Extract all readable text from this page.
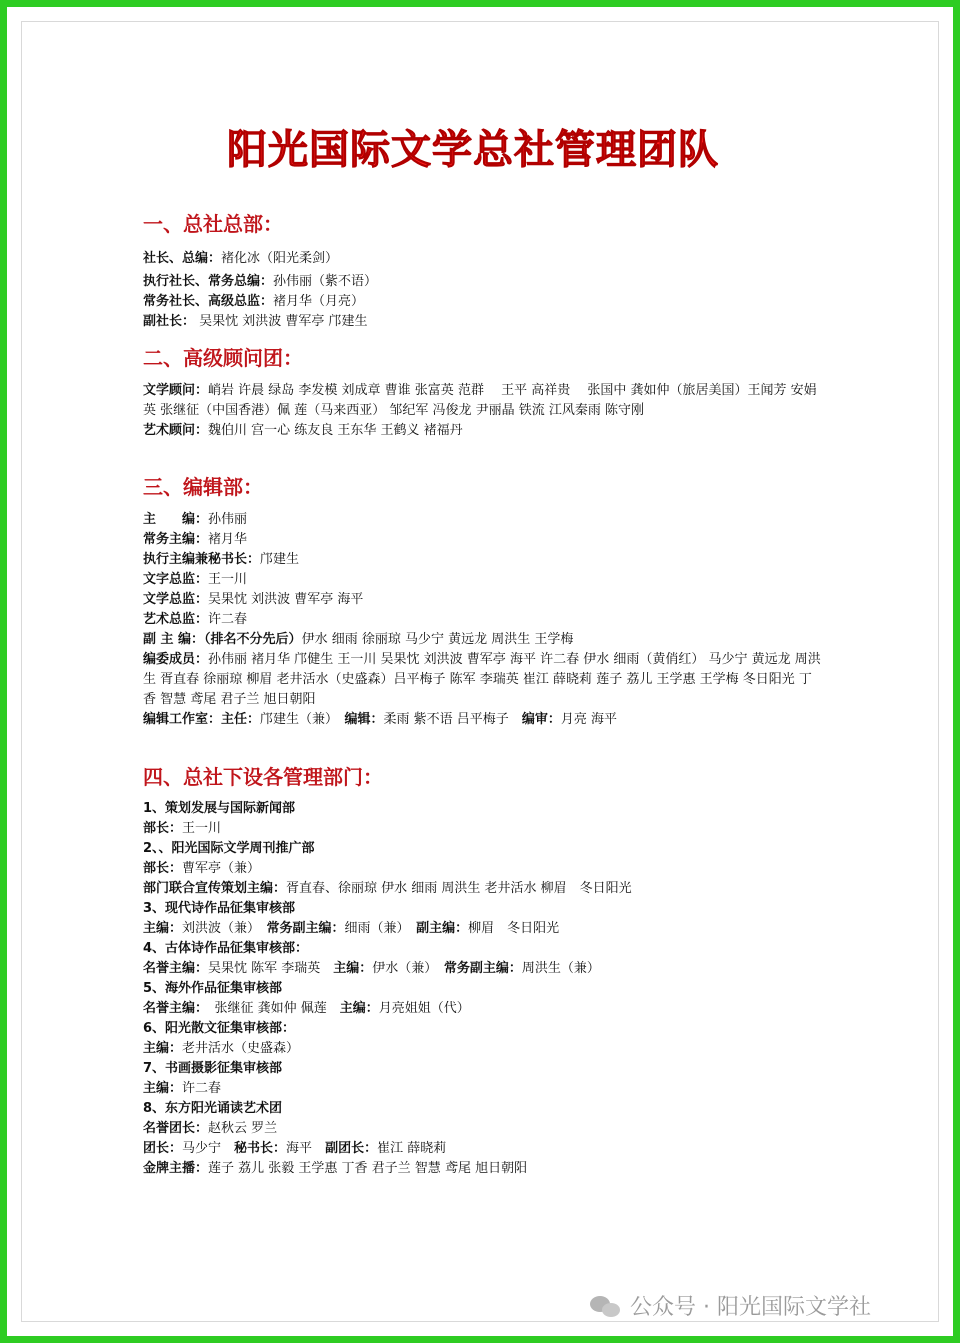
阳光国际文学总社管理团队
一、总社总部：
社长、总编：褚化冰（阳光柔剑）
执行社长、常务总编：孙伟丽（紫不语）
常务社长、高级总监：褚月华（月亮）
副社长： 吴果忱 刘洪波 曹军亭 邝建生
二、高级顾问团：
文学顾问：峭岩 许晨 绿岛 李发模 刘成章 曹谁 张富英 范群　 王平 高祥贵　 张国中 龚如仲（旅居美国）王闻芳 安娟英 张继征（中国香港）佩 莲（马来西亚） 邹纪军 冯俊龙 尹丽晶 铁流 江风秦雨 陈守刚
艺术顾问：魏伯川 宫一心 练友良 王东华 王鹤义 褚福丹
三、编辑部：
主　　编：孙伟丽
常务主编：褚月华
执行主编兼秘书长：邝建生
文字总监：王一川
文学总监：吴果忱 刘洪波 曹军亭 海平
艺术总监：许二春
副 主 编：（排名不分先后）伊水 细雨 徐丽琼 马少宁 黄远龙 周洪生 王学梅
编委成员：孙伟丽 褚月华 邝健生 王一川 吴果忱 刘洪波 曹军亭 海平 许二春 伊水 细雨（黄俏红） 马少宁 黄远龙 周洪生 胥直春 徐丽琼 柳眉 老井活水（史盛森）吕平梅子 陈军 李瑞英 崔江 薛晓莉 莲子 荔儿 王学惠 王学梅 冬日阳光 丁香 智慧 鸢尾 君子兰 旭日朝阳
编辑工作室：主任：邝建生（兼）　编辑：柔雨 紫不语 吕平梅子　编审：月亮 海平
四、总社下设各管理部门：
1、策划发展与国际新闻部
部长：王一川
2、、阳光国际文学周刊推广部
部长：曹军亭（兼）
部门联合宣传策划主编：胥直春、徐丽琼 伊水 细雨 周洪生 老井活水 柳眉　冬日阳光
3、现代诗作品征集审核部
主编：刘洪波（兼）　常务副主编：细雨（兼）　副主编：柳眉　冬日阳光
4、古体诗作品征集审核部：
名誉主编：吴果忱 陈军 李瑞英　主编：伊水（兼）　常务副主编：周洪生（兼）
5、海外作品征集审核部
名誉主编：　张继征 龚如仲 佩莲　主编：月亮姐姐（代）
6、阳光散文征集审核部：
主编：老井活水（史盛森）
7、书画摄影征集审核部
主编：许二春
8、东方阳光诵读艺术团
名誉团长：赵秋云 罗兰
团长：马少宁　秘书长：海平　副团长：崔江 薛晓莉
金牌主播：莲子 荔儿 张毅 王学惠 丁香 君子兰 智慧 鸢尾 旭日朝阳
公众号 · 阳光国际文学社
